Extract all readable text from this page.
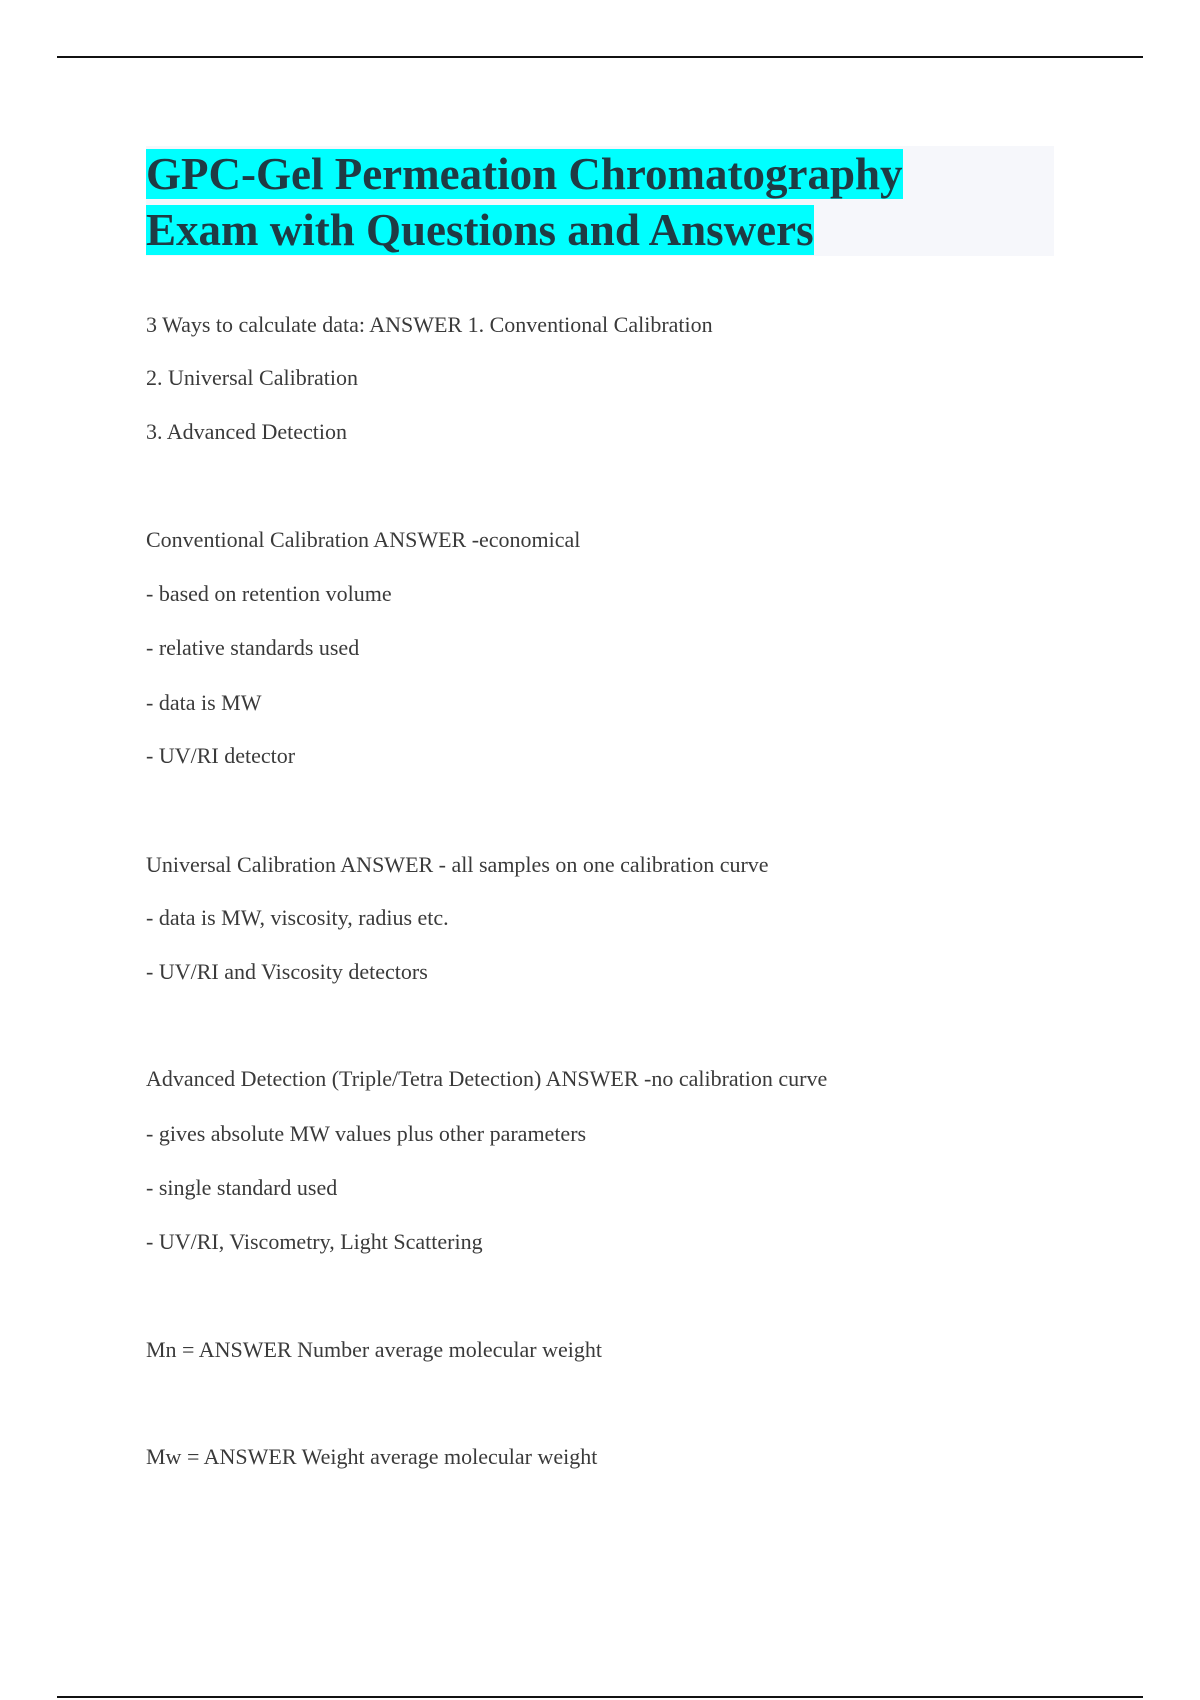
GPC-Gel Permeation Chromatography
Exam with Questions and Answers
3 Ways to calculate data: ANSWER 1. Conventional Calibration
2. Universal Calibration
3. Advanced Detection
Conventional Calibration ANSWER -economical
- based on retention volume
- relative standards used
- data is MW
- UV/RI detector
Universal Calibration ANSWER - all samples on one calibration curve
- data is MW, viscosity, radius etc.
- UV/RI and Viscosity detectors
Advanced Detection (Triple/Tetra Detection) ANSWER -no calibration curve
- gives absolute MW values plus other parameters
- single standard used
- UV/RI, Viscometry, Light Scattering
Mn = ANSWER Number average molecular weight
Mw = ANSWER Weight average molecular weight
